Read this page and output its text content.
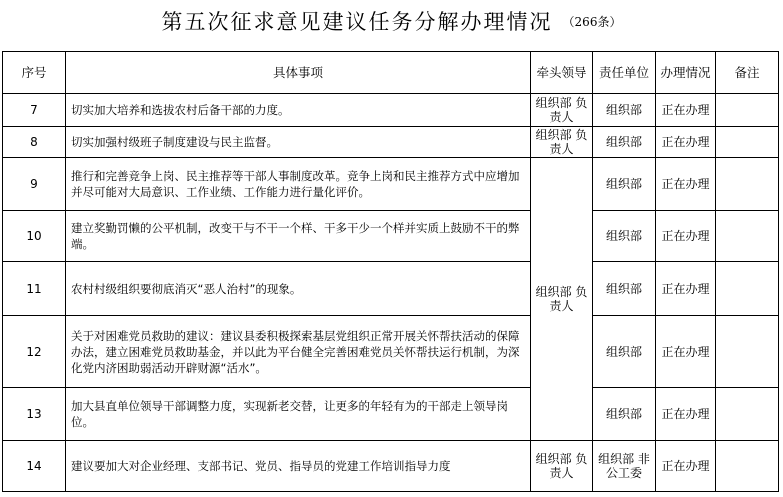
第五次征求意见建议任务分解办理情况 （266条）
序号	具体事项	牵头领导	责任单位	办理情况	备注
7	切实加大培养和选拔农村后备干部的力度。	组织部 负责人	组织部	正在办理	
8	切实加强村级班子制度建设与民主监督。	组织部 负责人	组织部	正在办理	
9	推行和完善竞争上岗、民主推荐等干部人事制度改革。竞争上岗和民主推荐方式中应增加并尽可能对大局意识、工作业绩、工作能力进行量化评价。	组织部 负责人	组织部	正在办理	
10	建立奖勤罚懒的公平机制，改变干与不干一个样、干多干少一个样并实质上鼓励不干的弊端。		组织部	正在办理	
11	农村村级组织要彻底消灭“恶人治村”的现象。		组织部	正在办理	
12	关于对困难党员救助的建议：建议县委积极探索基层党组织正常开展关怀帮扶活动的保障办法，建立困难党员救助基金，并以此为平台健全完善困难党员关怀帮扶运行机制，为深化党内济困助弱活动开辟财源“活水”。		组织部	正在办理	
13	加大县直单位领导干部调整力度，实现新老交替，让更多的年轻有为的干部走上领导岗位。		组织部	正在办理	
14	建议要加大对企业经理、支部书记、党员、指导员的党建工作培训指导力度	组织部 负责人	组织部 非公工委	正在办理	
